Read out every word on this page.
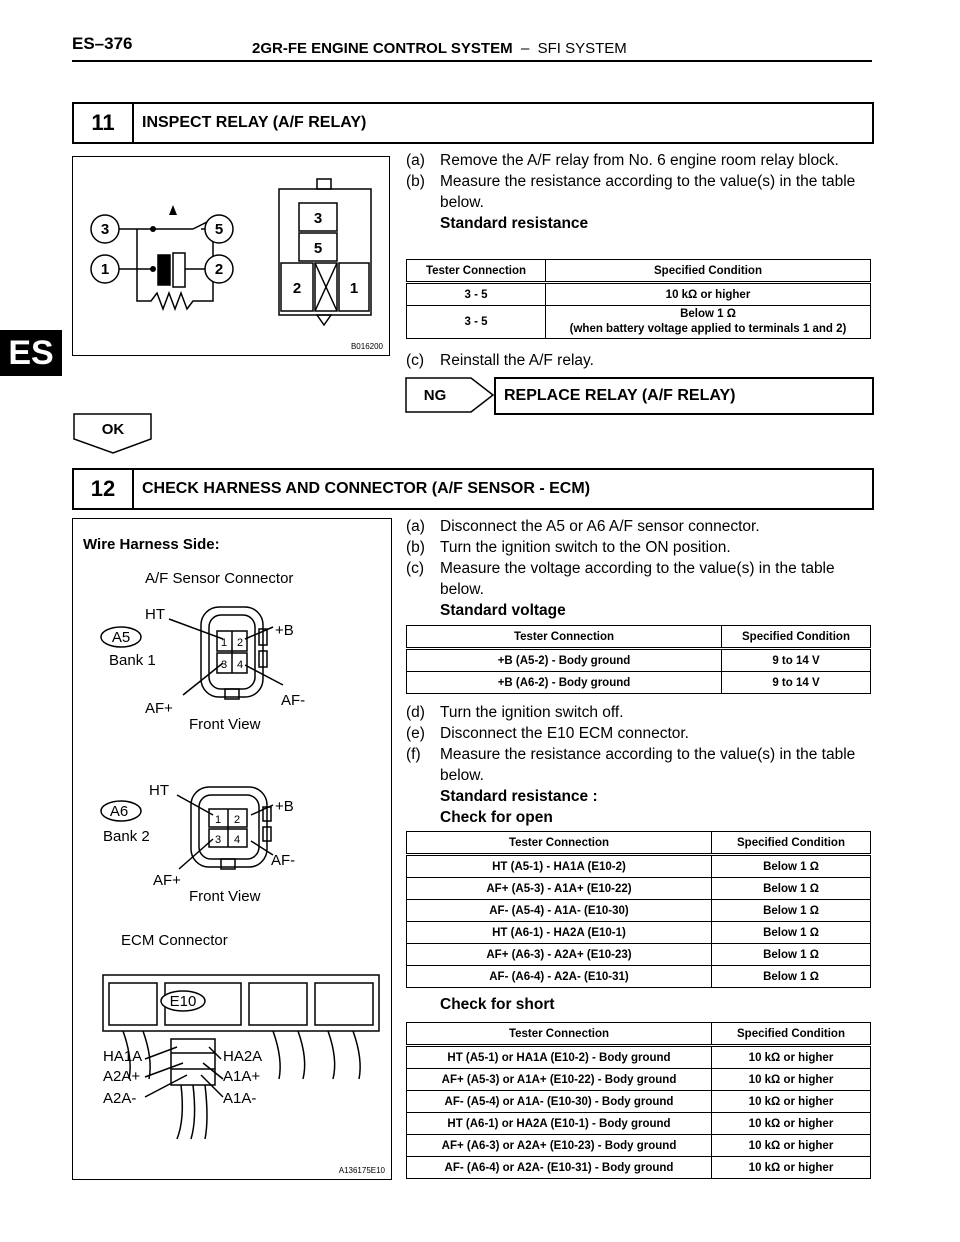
ES–376	2GR-FE ENGINE CONTROL SYSTEM – SFI SYSTEM
ES
11	INSPECT RELAY (A/F RELAY)
3	5
1	2
3
5
2	1
B016200
(a) Remove the A/F relay from No. 6 engine room relay block.
(b) Measure the resistance according to the value(s) in the table below.
Standard resistance
Tester Connection	Specified Condition
3 - 5	10 kΩ or higher
3 - 5	Below 1 Ω
(when battery voltage applied to terminals 1 and 2)
(c)	Reinstall the A/F relay.
NG	REPLACE RELAY (A/F RELAY)
OK
12	CHECK HARNESS AND CONNECTOR (A/F SENSOR - ECM)
Wire Harness Side:
A/F Sensor Connector
1 2
3 4
HT
A5
Bank 1
+B
AF+	AF-
Front View
1 2
3 4
HT
A6
Bank 2
+B
AF+
AF-
Front View
ECM Connector
E10
HA1A	HA2A
A2A+	A1A+
A2A-	A1A-
A136175E10
(a) Disconnect the A5 or A6 A/F sensor connector.
(b) Turn the ignition switch to the ON position.
(c)	Measure the voltage according to the value(s) in the table below.
Standard voltage
Tester Connection	Specified Condition
+B (A5-2) - Body ground	9 to 14 V
+B (A6-2) - Body ground	9 to 14 V
(d) Turn the ignition switch off.
(e) Disconnect the E10 ECM connector.
(f)	Measure the resistance according to the value(s) in the table below.
Standard resistance :
Check for open
Tester Connection	Specified Condition
HT (A5-1) - HA1A (E10-2)	Below 1 Ω
AF+ (A5-3) - A1A+ (E10-22)	Below 1 Ω
AF- (A5-4) - A1A- (E10-30)	Below 1 Ω
HT (A6-1) - HA2A (E10-1)	Below 1 Ω
AF+ (A6-3) - A2A+ (E10-23)	Below 1 Ω
AF- (A6-4) - A2A- (E10-31)	Below 1 Ω
Check for short
Tester Connection	Specified Condition
HT (A5-1) or HA1A (E10-2) - Body ground	10 kΩ or higher
AF+ (A5-3) or A1A+ (E10-22) - Body ground	10 kΩ or higher
AF- (A5-4) or A1A- (E10-30) - Body ground	10 kΩ or higher
HT (A6-1) or HA2A (E10-1) - Body ground	10 kΩ or higher
AF+ (A6-3) or A2A+ (E10-23) - Body ground	10 kΩ or higher
AF- (A6-4) or A2A- (E10-31) - Body ground	10 kΩ or higher
